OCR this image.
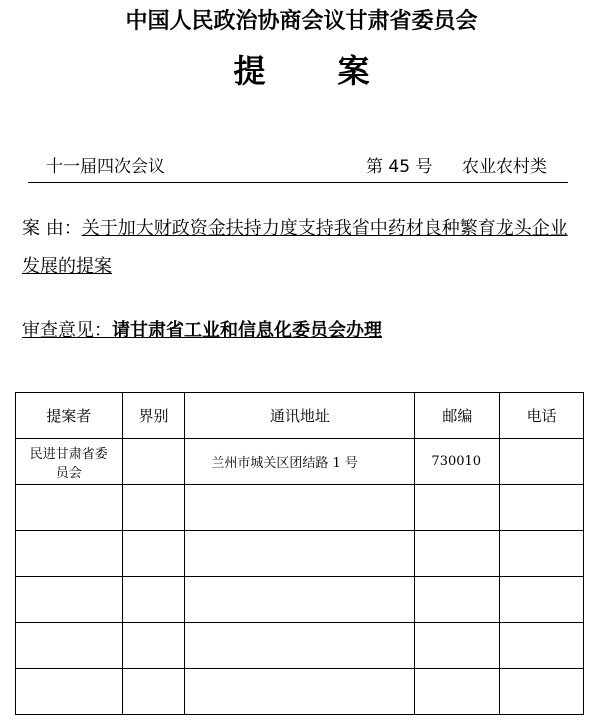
中国人民政治协商会议甘肃省委员会
提 案
十一届四次会议	第 45 号 农业农村类
案 由：关于加大财政资金扶持力度支持我省中药材良种繁育龙头企业发展的提案
审查意见：请甘肃省工业和信息化委员会办理
提案者	界别	通讯地址	邮编	电话
民进甘肃省委员会		兰州市城关区团结路 1 号	730010	
